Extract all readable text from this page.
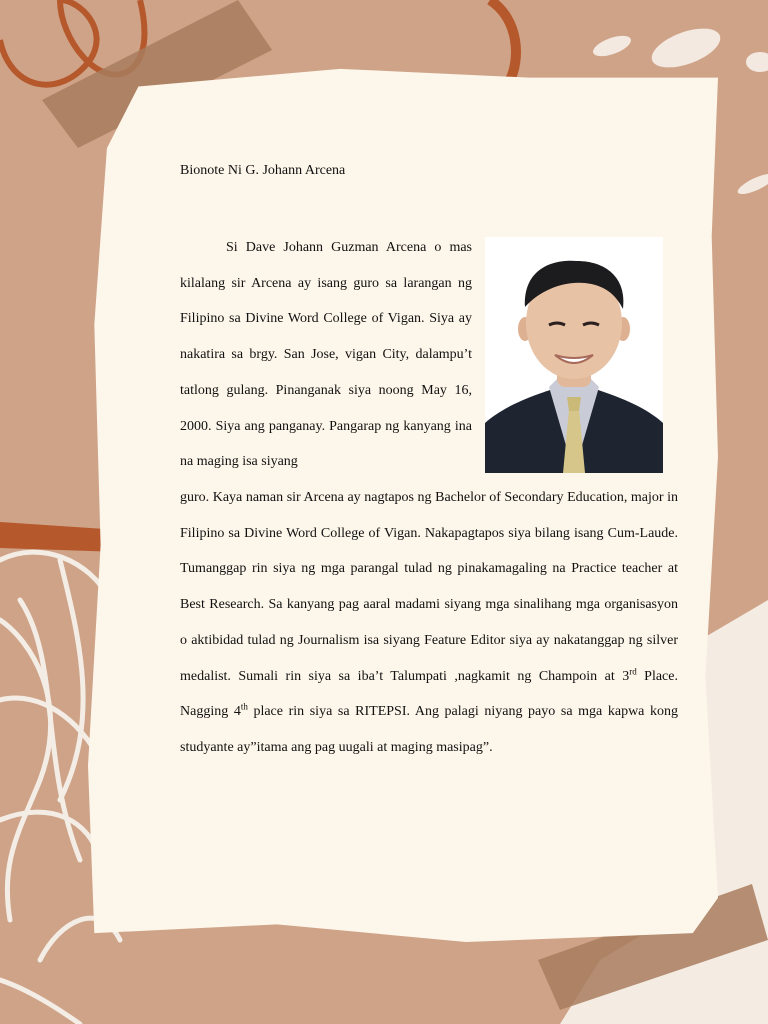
Bionote Ni G. Johann Arcena

Si Dave Johann Guzman Arcena o mas kilalang sir Arcena ay isang guro sa larangan ng Filipino sa Divine Word College of Vigan. Siya ay nakatira sa brgy. San Jose, vigan City, dalampu’t tatlong gulang. Pinanganak siya noong May 16, 2000. Siya ang panganay. Pangarap ng kanyang ina na maging isa siyang

guro. Kaya naman sir Arcena ay nagtapos ng Bachelor of Secondary Education, major in Filipino sa Divine Word College of Vigan. Nakapagtapos siya bilang isang Cum-Laude. Tumanggap rin siya ng mga parangal tulad ng pinakamagaling na Practice teacher at Best Research. Sa kanyang pag aaral madami siyang mga sinalihang mga organisasyon o aktibidad tulad ng Journalism isa siyang Feature Editor siya ay nakatanggap ng silver medalist. Sumali rin siya sa iba’t Talumpati ,nagkamit ng Champoin at 3rd Place. Nagging 4th place rin siya sa RITEPSI. Ang palagi niyang payo sa mga kapwa kong studyante ay”itama ang pag uugali at maging masipag”.
